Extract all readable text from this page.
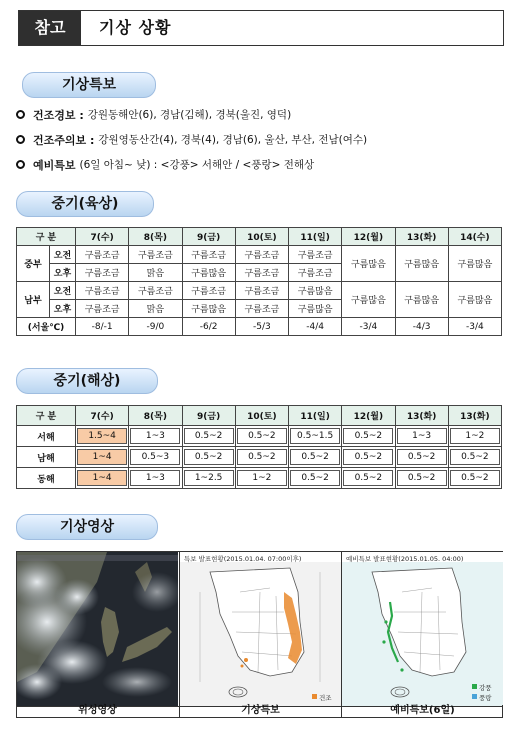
참고	기상 상황
기상특보
건조경보 : 강원동해안(6), 경남(김해), 경북(울진, 영덕)
건조주의보 : 강원영동산간(4), 경북(4), 경남(6), 울산, 부산, 전남(여수)
예비특보 (6일 아침~ 낮) : <강풍> 서해안 / <풍랑> 전해상
중기(육상)
구 분		7(수)	8(목)	9(금)	10(토)	11(일)	12(월)	13(화)	14(수)
중부	오전	구름조금	구름조금	구름조금	구름조금	구름조금	구름많음	구름많음	구름많음
	오후	구름조금	맑음	구름많음	구름조금	구름조금			
남부	오전	구름조금	구름조금	구름조금	구름조금	구름많음	구름많음	구름많음	구름많음
	오후	구름조금	맑음	구름많음	구름조금	구름많음			
(서울℃)		-8/-1	-9/0	-6/2	-5/3	-4/4	-3/4	-4/3	-3/4
중기(해상)
구 분	7(수)	8(목)	9(금)	10(토)	11(일)	12(월)	13(화)	13(화)
서해	1.5~4	1~3	0.5~2	0.5~2	0.5~1.5	0.5~2	1~3	1~2

남해	1~4	0.5~3	0.5~2	0.5~2	0.5~2	0.5~2	0.5~2	0.5~2

동해	1~4	1~3	1~2.5	1~2	0.5~2	0.5~2	0.5~2	0.5~2
기상영상
특보 발표현황(2015.01.04. 07:00이후)
건조
예비특보 발표현황(2015.01.05. 04:00)
강풍
풍랑
위성영상	기상특보	예비특보(6일)
